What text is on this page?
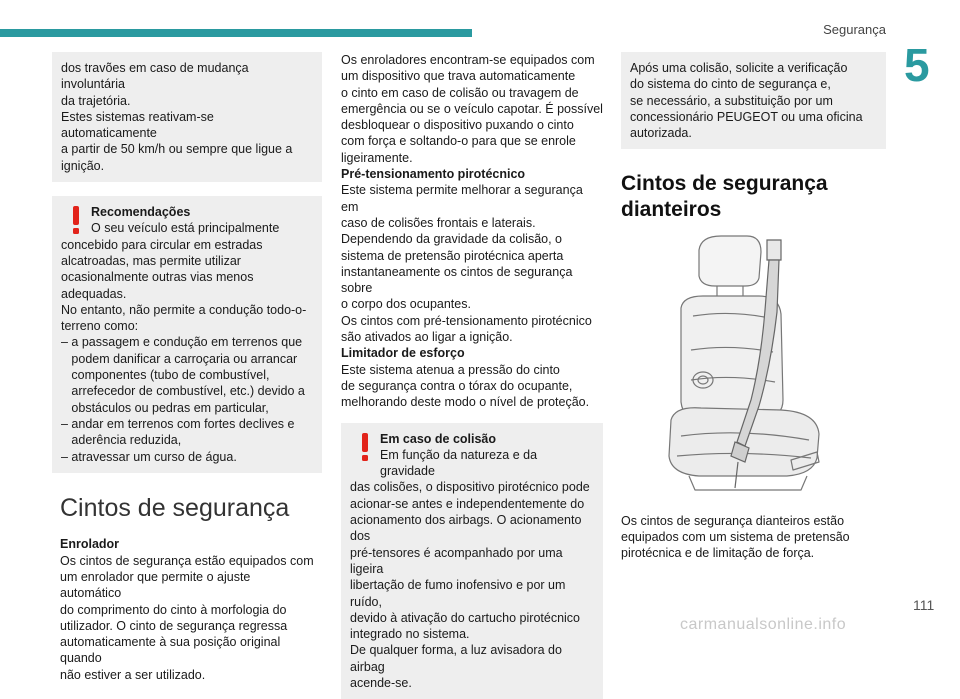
Segurança
5

dos travões em caso de mudança involuntária

da trajetória.

Estes sistemas reativam-se automaticamente

a partir de 50 km/h ou sempre que ligue a

ignição.

Recomendações

O seu veículo está principalmente

concebido para circular em estradas

alcatroadas, mas permite utilizar

ocasionalmente outras vias menos

adequadas.

No entanto, não permite a condução todo-o-

terreno como:

– a passagem e condução em terrenos que

podem danificar a carroçaria ou arrancar

componentes (tubo de combustível,

arrefecedor de combustível, etc.) devido a

obstáculos ou pedras em particular,

– andar em terrenos com fortes declives e

aderência reduzida,

– atravessar um curso de água.

Cintos de segurança

Enrolador

Os cintos de segurança estão equipados com

um enrolador que permite o ajuste automático

do comprimento do cinto à morfologia do

utilizador. O cinto de segurança regressa

automaticamente à sua posição original quando

não estiver a ser utilizado.

Os enroladores encontram-se equipados com

um dispositivo que trava automaticamente

o cinto em caso de colisão ou travagem de

emergência ou se o veículo capotar. É possível

desbloquear o dispositivo puxando o cinto

com força e soltando-o para que se enrole

ligeiramente.

Pré-tensionamento pirotécnico

Este sistema permite melhorar a segurança em

caso de colisões frontais e laterais.

Dependendo da gravidade da colisão, o

sistema de pretensão pirotécnica aperta

instantaneamente os cintos de segurança sobre

o corpo dos ocupantes.

Os cintos com pré-tensionamento pirotécnico

são ativados ao ligar a ignição.

Limitador de esforço

Este sistema atenua a pressão do cinto

de segurança contra o tórax do ocupante,

melhorando deste modo o nível de proteção.

Em caso de colisão

Em função da natureza e da gravidade

das colisões, o dispositivo pirotécnico pode

acionar-se antes e independentemente do

acionamento dos airbags. O acionamento dos

pré-tensores é acompanhado por uma ligeira

libertação de fumo inofensivo e por um ruído,

devido à ativação do cartucho pirotécnico

integrado no sistema.

De qualquer forma, a luz avisadora do airbag

acende-se.

Após uma colisão, solicite a verificação

do sistema do cinto de segurança e,

se necessário, a substituição por um

concessionário PEUGEOT ou uma oficina

autorizada.

Cintos de segurança
dianteiros

Os cintos de segurança dianteiros estão

equipados com um sistema de pretensão

pirotécnica e de limitação de força.

111
carmanualsonline.info
